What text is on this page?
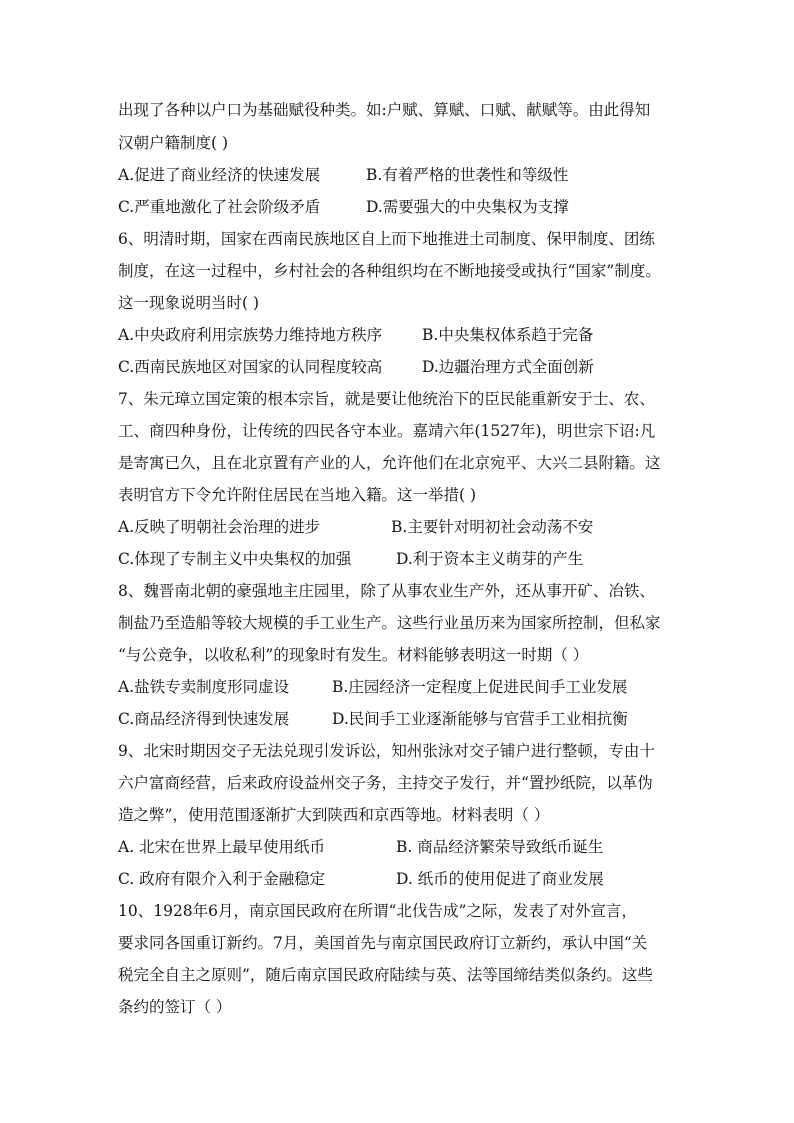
出现了各种以户口为基础赋役种类。如:户赋、算赋、口赋、献赋等。由此得知
汉朝户籍制度( )
A.促进了商业经济的快速发展	B.有着严格的世袭性和等级性
C.严重地激化了社会阶级矛盾	D.需要强大的中央集权为支撑
6、明清时期，国家在西南民族地区自上而下地推进土司制度、保甲制度、团练
制度，在这一过程中，乡村社会的各种组织均在不断地接受或执行“国家”制度。
这一现象说明当时( )
A.中央政府利用宗族势力维持地方秩序	B.中央集权体系趋于完备
C.西南民族地区对国家的认同程度较高	D.边疆治理方式全面创新
7、朱元璋立国定策的根本宗旨，就是要让他统治下的臣民能重新安于士、农、
工、商四种身份，让传统的四民各守本业。嘉靖六年(1527年)，明世宗下诏:凡
是寄寓已久，且在北京置有产业的人，允许他们在北京宛平、大兴二县附籍。这
表明官方下令允许附住居民在当地入籍。这一举措( )
A.反映了明朝社会治理的进步	B.主要针对明初社会动荡不安
C.体现了专制主义中央集权的加强	D.利于资本主义萌芽的产生
8、魏晋南北朝的豪强地主庄园里，除了从事农业生产外，还从事开矿、冶铁、
制盐乃至造船等较大规模的手工业生产。这些行业虽历来为国家所控制，但私家
“与公竞争，以收私利”的现象时有发生。材料能够表明这一时期（ ）
A.盐铁专卖制度形同虚设	B.庄园经济一定程度上促进民间手工业发展
C.商品经济得到快速发展	D.民间手工业逐渐能够与官营手工业相抗衡
9、北宋时期因交子无法兑现引发诉讼，知州张泳对交子铺户进行整顿，专由十
六户富商经营，后来政府设益州交子务，主持交子发行，并“置抄纸院，以革伪
造之弊”，使用范围逐渐扩大到陕西和京西等地。材料表明（ ）
A. 北宋在世界上最早使用纸币	B. 商品经济繁荣导致纸币诞生
C. 政府有限介入利于金融稳定	D. 纸币的使用促进了商业发展
10、1928年6月，南京国民政府在所谓“北伐告成”之际，发表了对外宣言，
要求同各国重订新约。7月，美国首先与南京国民政府订立新约，承认中国“关
税完全自主之原则”，随后南京国民政府陆续与英、法等国缔结类似条约。这些
条约的签订（ ）
